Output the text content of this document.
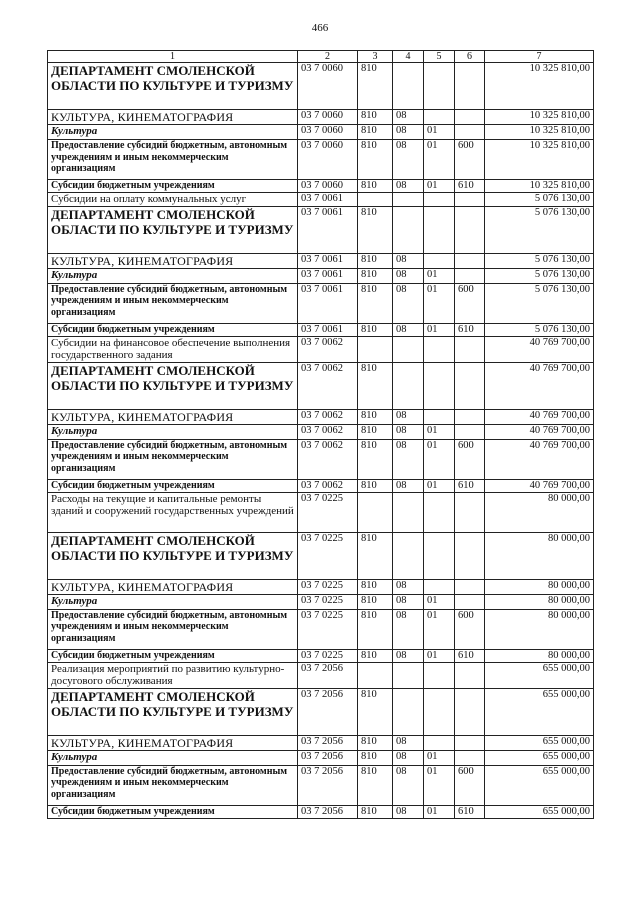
466
1	2	3	4	5	6	7
ДЕПАРТАМЕНТ СМОЛЕНСКОЙ ОБЛАСТИ ПО КУЛЬТУРЕ И ТУРИЗМУ	03 7 0060	810				10 325 810,00
КУЛЬТУРА, КИНЕМАТОГРАФИЯ	03 7 0060	810	08			10 325 810,00
Культура	03 7 0060	810	08	01		10 325 810,00
Предоставление субсидий бюджетным, автономным учреждениям и иным некоммерческим организациям	03 7 0060	810	08	01	600	10 325 810,00
Субсидии бюджетным учреждениям	03 7 0060	810	08	01	610	10 325 810,00
Субсидии на оплату коммунальных услуг	03 7 0061					5 076 130,00
ДЕПАРТАМЕНТ СМОЛЕНСКОЙ ОБЛАСТИ ПО КУЛЬТУРЕ И ТУРИЗМУ	03 7 0061	810				5 076 130,00
КУЛЬТУРА, КИНЕМАТОГРАФИЯ	03 7 0061	810	08			5 076 130,00
Культура	03 7 0061	810	08	01		5 076 130,00
Предоставление субсидий бюджетным, автономным учреждениям и иным некоммерческим организациям	03 7 0061	810	08	01	600	5 076 130,00
Субсидии бюджетным учреждениям	03 7 0061	810	08	01	610	5 076 130,00
Субсидии на финансовое обеспечение выполнения государственного задания	03 7 0062					40 769 700,00
ДЕПАРТАМЕНТ СМОЛЕНСКОЙ ОБЛАСТИ ПО КУЛЬТУРЕ И ТУРИЗМУ	03 7 0062	810				40 769 700,00
КУЛЬТУРА, КИНЕМАТОГРАФИЯ	03 7 0062	810	08			40 769 700,00
Культура	03 7 0062	810	08	01		40 769 700,00
Предоставление субсидий бюджетным, автономным учреждениям и иным некоммерческим организациям	03 7 0062	810	08	01	600	40 769 700,00
Субсидии бюджетным учреждениям	03 7 0062	810	08	01	610	40 769 700,00
Расходы на текущие и капитальные ремонты зданий и сооружений государственных учреждений	03 7 0225					80 000,00
ДЕПАРТАМЕНТ СМОЛЕНСКОЙ ОБЛАСТИ ПО КУЛЬТУРЕ И ТУРИЗМУ	03 7 0225	810				80 000,00
КУЛЬТУРА, КИНЕМАТОГРАФИЯ	03 7 0225	810	08			80 000,00
Культура	03 7 0225	810	08	01		80 000,00
Предоставление субсидий бюджетным, автономным учреждениям и иным некоммерческим организациям	03 7 0225	810	08	01	600	80 000,00
Субсидии бюджетным учреждениям	03 7 0225	810	08	01	610	80 000,00
Реализация мероприятий по развитию культурно-досугового обслуживания	03 7 2056					655 000,00
ДЕПАРТАМЕНТ СМОЛЕНСКОЙ ОБЛАСТИ ПО КУЛЬТУРЕ И ТУРИЗМУ	03 7 2056	810				655 000,00
КУЛЬТУРА, КИНЕМАТОГРАФИЯ	03 7 2056	810	08			655 000,00
Культура	03 7 2056	810	08	01		655 000,00
Предоставление субсидий бюджетным, автономным учреждениям и иным некоммерческим организациям	03 7 2056	810	08	01	600	655 000,00
Субсидии бюджетным учреждениям	03 7 2056	810	08	01	610	655 000,00
